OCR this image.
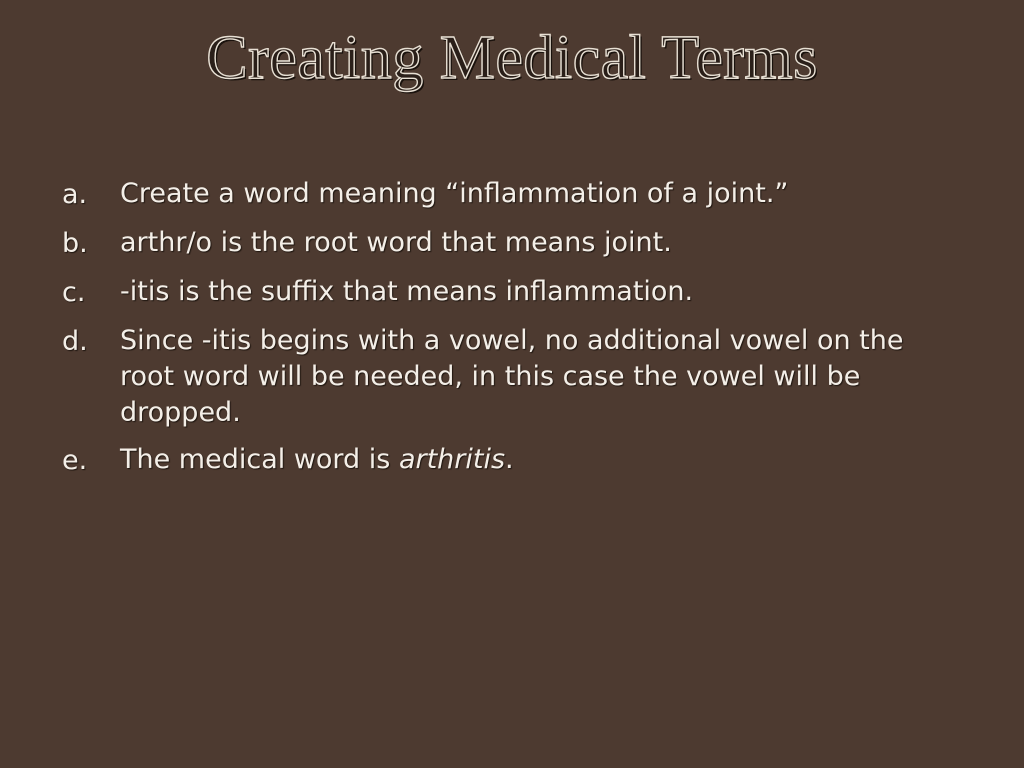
Creating Medical Terms
a.	Create a word meaning “inflammation of a joint.”
b.	arthr/o is the root word that means joint.
c.	-itis is the suffix that means inflammation.
d.	Since -itis begins with a vowel, no additional vowel on the root word will be needed, in this case the vowel will be dropped.
e.	The medical word is arthritis.
